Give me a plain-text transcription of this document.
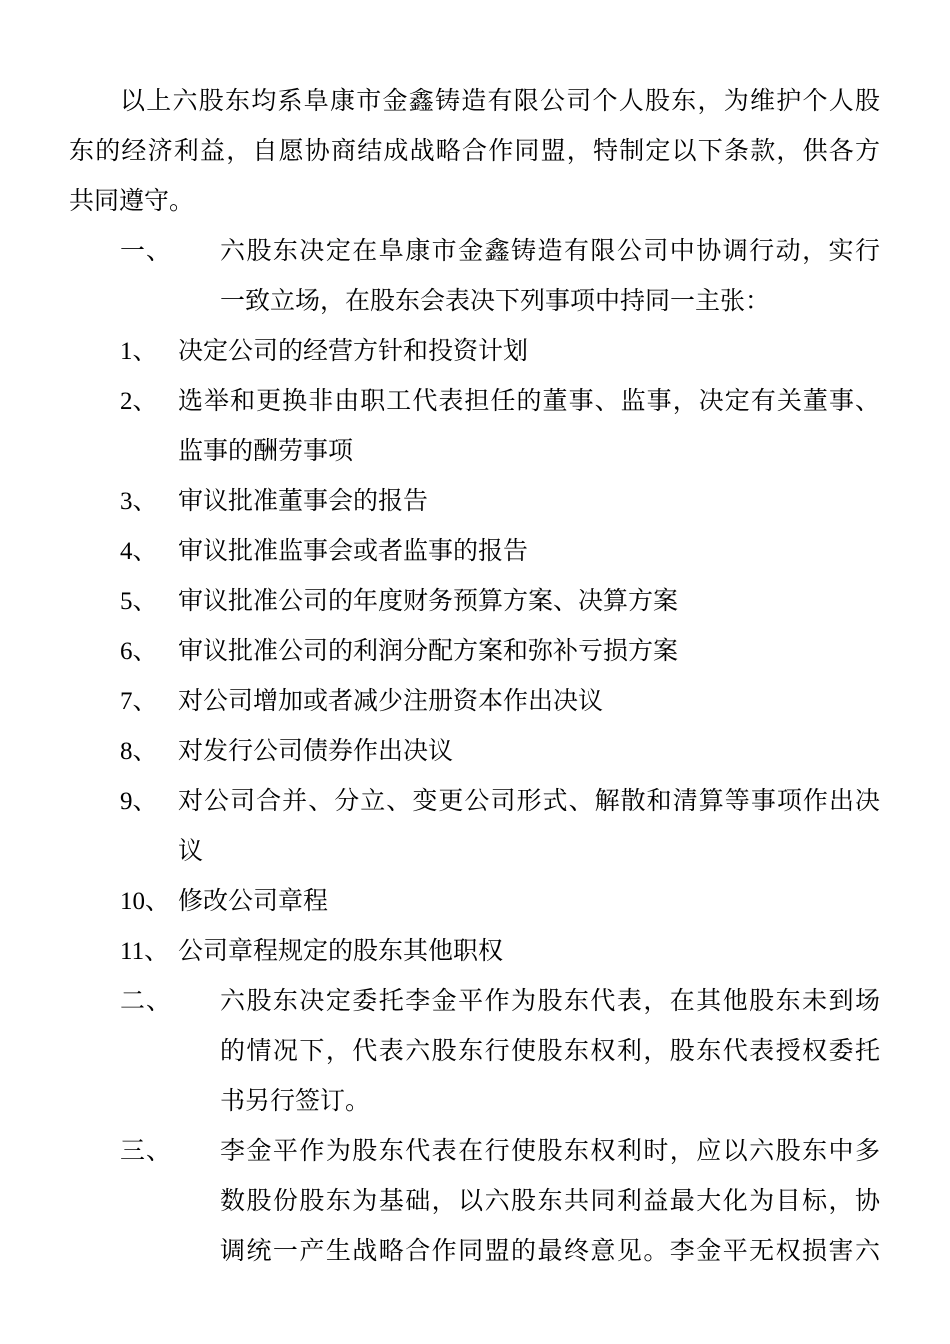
以上六股东均系阜康市金鑫铸造有限公司个人股东，为维护个人股
东的经济利益，自愿协商结成战略合作同盟，特制定以下条款，供各方
共同遵守。
一、 六股东决定在阜康市金鑫铸造有限公司中协调行动，实行
一致立场，在股东会表决下列事项中持同一主张：
1、 决定公司的经营方针和投资计划
2、 选举和更换非由职工代表担任的董事、监事，决定有关董事、
监事的酬劳事项
3、 审议批准董事会的报告
4、 审议批准监事会或者监事的报告
5、 审议批准公司的年度财务预算方案、决算方案
6、 审议批准公司的利润分配方案和弥补亏损方案
7、 对公司增加或者减少注册资本作出决议
8、 对发行公司债券作出决议
9、 对公司合并、分立、变更公司形式、解散和清算等事项作出决
议
10、 修改公司章程
11、 公司章程规定的股东其他职权
二、 六股东决定委托李金平作为股东代表，在其他股东未到场
的情况下，代表六股东行使股东权利，股东代表授权委托
书另行签订。
三、 李金平作为股东代表在行使股东权利时，应以六股东中多
数股份股东为基础，以六股东共同利益最大化为目标，协
调统一产生战略合作同盟的最终意见。李金平无权损害六
